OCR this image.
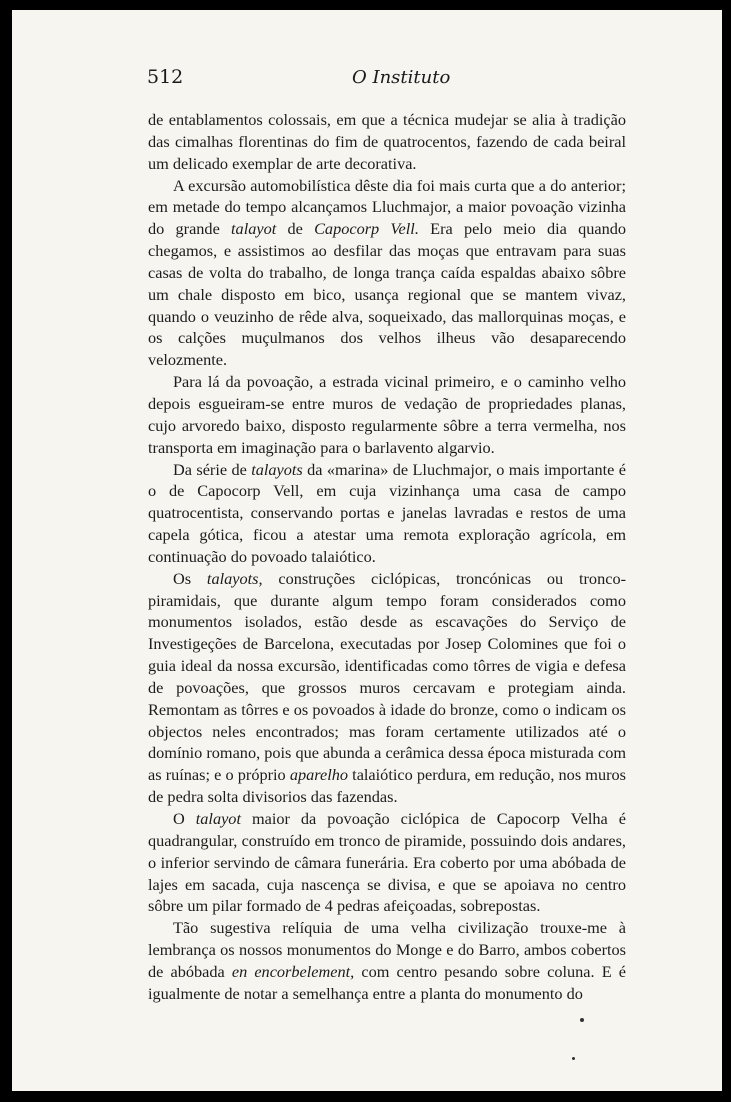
512	O Instituto

de entablamentos colossais, em que a técnica mudejar se alia à tradição das cimalhas florentinas do fim de quatrocentos, fazendo de cada beiral um delicado exemplar de arte decorativa.

A excursão automobilística dêste dia foi mais curta que a do anterior; em metade do tempo alcançamos Lluchmajor, a maior povoação vizinha do grande talayot de Capocorp Vell. Era pelo meio dia quando chegamos, e assistimos ao desfilar das moças que entravam para suas casas de volta do trabalho, de longa trança caída espaldas abaixo sôbre um chale disposto em bico, usança regional que se mantem vivaz, quando o veuzinho de rêde alva, soqueixado, das mallorquinas moças, e os calções muçulmanos dos velhos ilheus vão desaparecendo velozmente.

Para lá da povoação, a estrada vicinal primeiro, e o caminho velho depois esgueiram-se entre muros de vedação de propriedades planas, cujo arvoredo baixo, disposto regularmente sôbre a terra vermelha, nos transporta em imaginação para o barlavento algarvio.

Da série de talayots da «marina» de Lluchmajor, o mais importante é o de Capocorp Vell, em cuja vizinhança uma casa de campo quatrocentista, conservando portas e janelas lavradas e restos de uma capela gótica, ficou a atestar uma remota exploração agrícola, em continuação do povoado talaiótico.

Os talayots, construções ciclópicas, troncónicas ou tronco-piramidais, que durante algum tempo foram considerados como monumentos isolados, estão desde as escavações do Serviço de Investigeções de Barcelona, executadas por Josep Colomines que foi o guia ideal da nossa excursão, identificadas como tôrres de vigia e defesa de povoações, que grossos muros cercavam e protegiam ainda. Remontam as tôrres e os povoados à idade do bronze, como o indicam os objectos neles encontrados; mas foram certamente utilizados até o domínio romano, pois que abunda a cerâmica dessa época misturada com as ruínas; e o próprio aparelho talaiótico perdura, em redução, nos muros de pedra solta divisorios das fazendas.

O talayot maior da povoação ciclópica de Capocorp Velha é quadrangular, construído em tronco de piramide, possuindo dois andares, o inferior servindo de câmara funerária. Era coberto por uma abóbada de lajes em sacada, cuja nascença se divisa, e que se apoiava no centro sôbre um pilar formado de 4 pedras afeiçoadas, sobrepostas.

Tão sugestiva relíquia de uma velha civilização trouxe-me à lembrança os nossos monumentos do Monge e do Barro, ambos cobertos de abóbada en encorbelement, com centro pesando sobre coluna. E é igualmente de notar a semelhança entre a planta do monumento do
